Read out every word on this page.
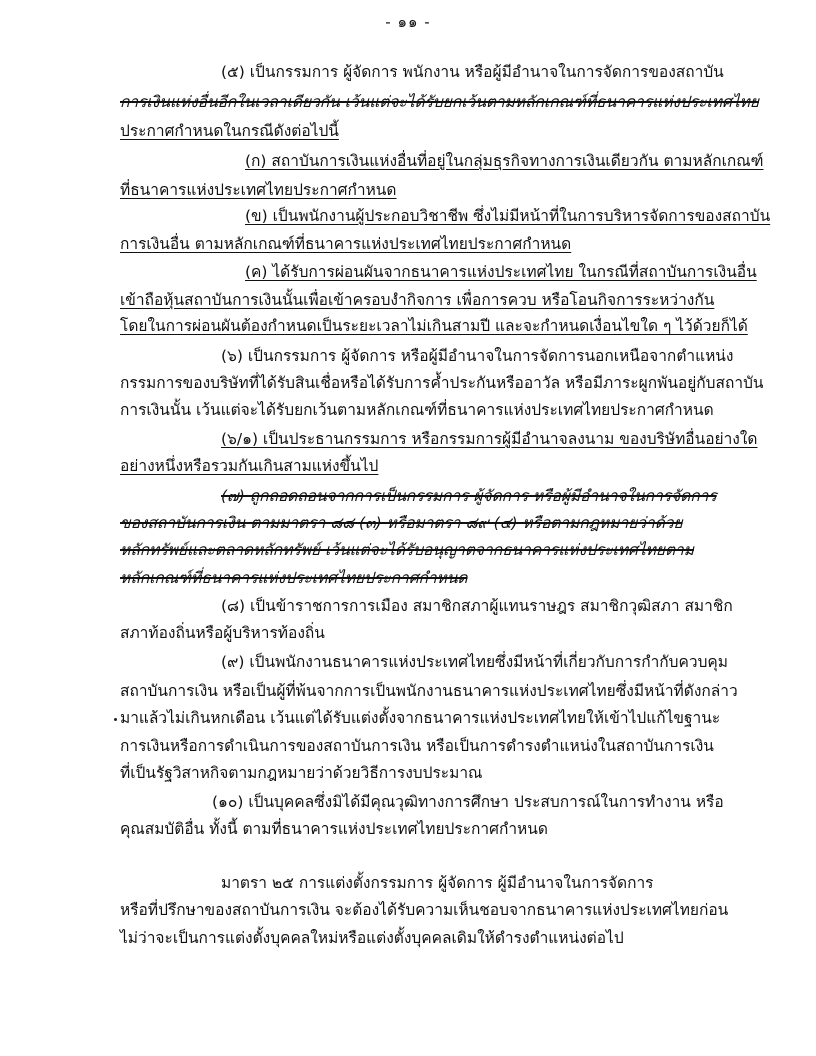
- ๑๑ -
(๕) เป็นกรรมการ ผู้จัดการ พนักงาน หรือผู้มีอำนาจในการจัดการของสถาบัน
การเงินแห่งอื่นอีกในเวลาเดียวกัน เว้นแต่จะได้รับยกเว้นตามหลักเกณฑ์ที่ธนาคารแห่งประเทศไทย
ประกาศกำหนดในกรณีดังต่อไปนี้
(ก) สถาบันการเงินแห่งอื่นที่อยู่ในกลุ่มธุรกิจทางการเงินเดียวกัน ตามหลักเกณฑ์
ที่ธนาคารแห่งประเทศไทยประกาศกำหนด
(ข) เป็นพนักงานผู้ประกอบวิชาชีพ ซึ่งไม่มีหน้าที่ในการบริหารจัดการของสถาบัน
การเงินอื่น ตามหลักเกณฑ์ที่ธนาคารแห่งประเทศไทยประกาศกำหนด
(ค) ได้รับการผ่อนผันจากธนาคารแห่งประเทศไทย ในกรณีที่สถาบันการเงินอื่น
เข้าถือหุ้นสถาบันการเงินนั้นเพื่อเข้าครอบงำกิจการ เพื่อการควบ หรือโอนกิจการระหว่างกัน
โดยในการผ่อนผันต้องกำหนดเป็นระยะเวลาไม่เกินสามปี และจะกำหนดเงื่อนไขใด ๆ ไว้ด้วยก็ได้
(๖) เป็นกรรมการ ผู้จัดการ หรือผู้มีอำนาจในการจัดการนอกเหนือจากตำแหน่ง
กรรมการของบริษัทที่ได้รับสินเชื่อหรือได้รับการค้ำประกันหรืออาวัล หรือมีภาระผูกพันอยู่กับสถาบัน
การเงินนั้น เว้นแต่จะได้รับยกเว้นตามหลักเกณฑ์ที่ธนาคารแห่งประเทศไทยประกาศกำหนด
(๖/๑) เป็นประธานกรรมการ หรือกรรมการผู้มีอำนาจลงนาม ของบริษัทอื่นอย่างใด
อย่างหนึ่งหรือรวมกันเกินสามแห่งขึ้นไป
(๗) ถูกถอดถอนจากการเป็นกรรมการ ผู้จัดการ หรือผู้มีอำนาจในการจัดการ
ของสถาบันการเงิน ตามมาตรา ๘๘ (๓) หรือมาตรา ๘๙ (๔) หรือตามกฎหมายว่าด้วย
หลักทรัพย์และตลาดหลักทรัพย์ เว้นแต่จะได้รับอนุญาตจากธนาคารแห่งประเทศไทยตาม
หลักเกณฑ์ที่ธนาคารแห่งประเทศไทยประกาศกำหนด
(๘) เป็นข้าราชการการเมือง สมาชิกสภาผู้แทนราษฎร สมาชิกวุฒิสภา สมาชิก
สภาท้องถิ่นหรือผู้บริหารท้องถิ่น
(๙) เป็นพนักงานธนาคารแห่งประเทศไทยซึ่งมีหน้าที่เกี่ยวกับการกำกับควบคุม
สถาบันการเงิน หรือเป็นผู้ที่พ้นจากการเป็นพนักงานธนาคารแห่งประเทศไทยซึ่งมีหน้าที่ดังกล่าว
มาแล้วไม่เกินหกเดือน เว้นแต่ได้รับแต่งตั้งจากธนาคารแห่งประเทศไทยให้เข้าไปแก้ไขฐานะ
การเงินหรือการดำเนินการของสถาบันการเงิน หรือเป็นการดำรงตำแหน่งในสถาบันการเงิน
ที่เป็นรัฐวิสาหกิจตามกฎหมายว่าด้วยวิธีการงบประมาณ
(๑๐) เป็นบุคคลซึ่งมิได้มีคุณวุฒิทางการศึกษา ประสบการณ์ในการทำงาน หรือ
คุณสมบัติอื่น ทั้งนี้ ตามที่ธนาคารแห่งประเทศไทยประกาศกำหนด
มาตรา ๒๕ การแต่งตั้งกรรมการ ผู้จัดการ ผู้มีอำนาจในการจัดการ
หรือที่ปรึกษาของสถาบันการเงิน จะต้องได้รับความเห็นชอบจากธนาคารแห่งประเทศไทยก่อน
ไม่ว่าจะเป็นการแต่งตั้งบุคคลใหม่หรือแต่งตั้งบุคคลเดิมให้ดำรงตำแหน่งต่อไป
